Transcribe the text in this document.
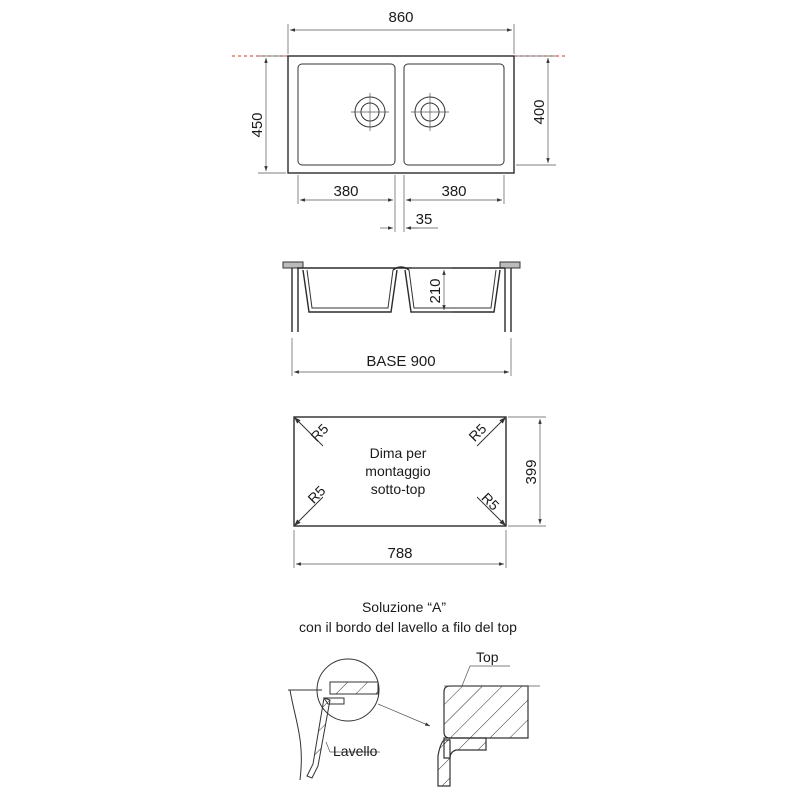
860
450
400
380	380
35
210
BASE 900
R5	R5
R5	R5
Dima per
montaggio
sotto-top
399
788
Soluzione “A”
con il bordo del lavello a filo del top
Lavello
Top
